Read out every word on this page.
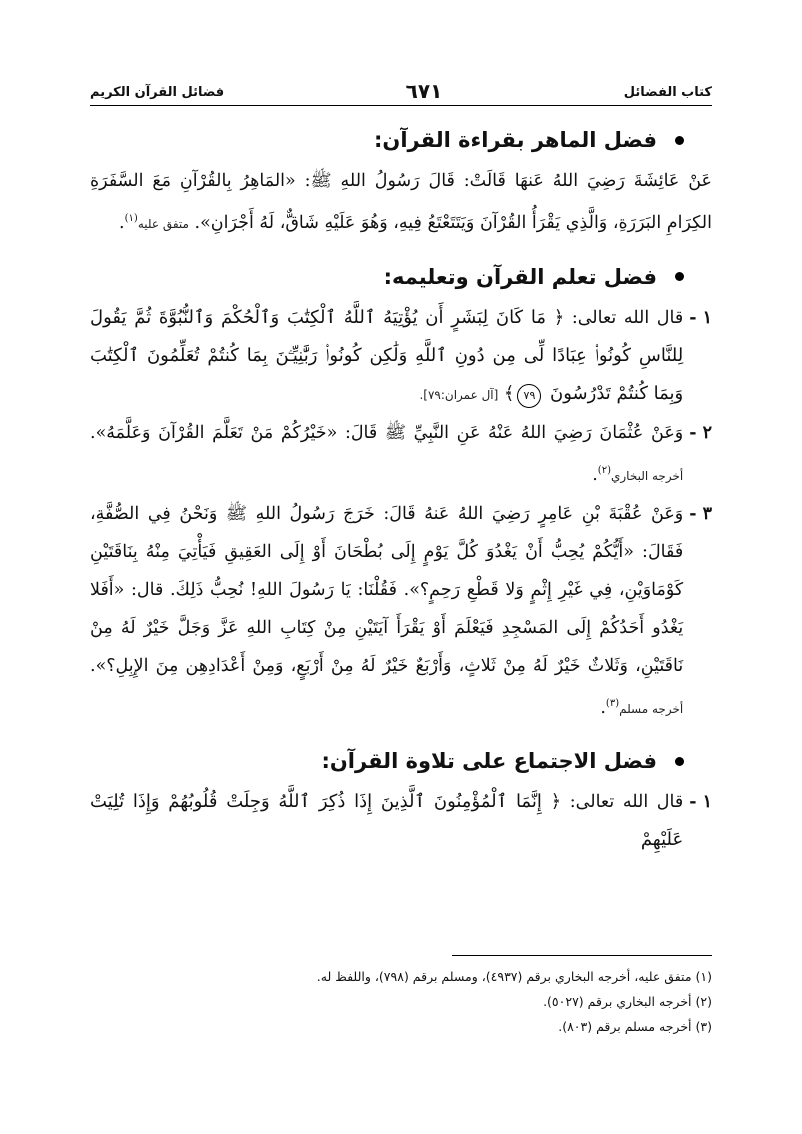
كتاب الفضائل
٦٧١
فضائل القرآن الكريم
فضل الماهر بقراءة القرآن:

عَنْ عَائِشَةَ رَضِيَ اللهُ عَنهَا قَالَتْ: قَالَ رَسُولُ اللهِ ﷺ: «المَاهِرُ بِالقُرْآنِ مَعَ السَّفَرَةِ الكِرَامِ البَرَرَةِ، وَالَّذِي يَقْرَأُ القُرْآنَ وَيَتَتَعْتَعُ فِيهِ، وَهُوَ عَلَيْهِ شَاقٌّ، لَهُ أَجْرَانِ». متفق عليه$^{(١)}$.

فضل تعلم القرآن وتعليمه:
١ -

قال الله تعالى: ﴿ مَا كَانَ لِبَشَرٍ أَن يُؤْتِيَهُ ٱللَّهُ ٱلْكِتَٰبَ وَٱلْحُكْمَ وَٱلنُّبُوَّةَ ثُمَّ يَقُولَ لِلنَّاسِ كُونُوا۟ عِبَادًا لِّى مِن دُونِ ٱللَّهِ وَلَٰكِن كُونُوا۟ رَبَّٰنِيِّـۧنَ بِمَا كُنتُمْ تُعَلِّمُونَ ٱلْكِتَٰبَ وَبِمَا كُنتُمْ تَدْرُسُونَ ٧٩﴾ [آل عمران:٧٩].

٢ -

وَعَنْ عُثْمَانَ رَضِيَ اللهُ عَنْهُ عَنِ النَّبِيِّ ﷺ قَالَ: «خَيْرُكُمْ مَنْ تَعَلَّمَ القُرْآنَ وَعَلَّمَهُ». أخرجه البخاري$^{(٢)}$.

٣ -

وَعَنْ عُقْبَةَ بْنِ عَامِرٍ رَضِيَ اللهُ عَنهُ قَالَ: خَرَجَ رَسُولُ اللهِ ﷺ وَنَحْنُ فِي الصُّفَّةِ، فَقَالَ: «أَيُّكُمْ يُحِبُّ أَنْ يَغْدُوَ كُلَّ يَوْمٍ إِلَى بُطْحَانَ أَوْ إِلَى العَقِيقِ فَيَأْتِيَ مِنْهُ بِنَاقَتَيْنِ كَوْمَاوَيْنِ، فِي غَيْرِ إِثْمٍ وَلا قَطْعِ رَحِمٍ؟». فَقُلْنَا: يَا رَسُولَ اللهِ! نُحِبُّ ذَلِكَ. قال: «أَفَلا يَغْدُو أَحَدُكُمْ إِلَى المَسْجِدِ فَيَعْلَمَ أَوْ يَقْرَأَ آيَتَيْنِ مِنْ كِتَابِ اللهِ عَزَّ وَجَلَّ خَيْرٌ لَهُ مِنْ نَاقَتَيْنِ، وَثَلاثٌ خَيْرٌ لَهُ مِنْ ثَلاثٍ، وَأَرْبَعٌ خَيْرٌ لَهُ مِنْ أَرْبَعٍ، وَمِنْ أَعْدَادِهِن مِنَ الإِبِلِ؟». أخرجه مسلم$^{(٣)}$.

فضل الاجتماع على تلاوة القرآن:
١ -

قال الله تعالى: ﴿ إِنَّمَا ٱلْمُؤْمِنُونَ ٱلَّذِينَ إِذَا ذُكِرَ ٱللَّهُ وَجِلَتْ قُلُوبُهُمْ وَإِذَا تُلِيَتْ عَلَيْهِمْ

(١) متفق عليه، أخرجه البخاري برقم (٤٩٣٧)، ومسلم برقم (٧٩٨)، واللفظ له.

(٢) أخرجه البخاري برقم (٥٠٢٧).

(٣) أخرجه مسلم برقم (٨٠٣).
